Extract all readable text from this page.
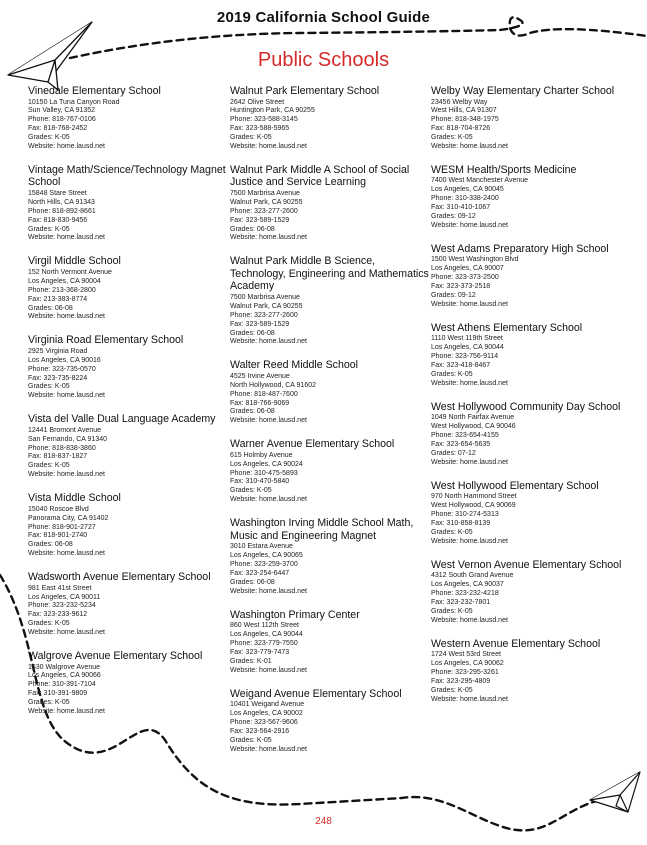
2019 California School Guide
Public Schools
Vinedale Elementary School
10150 La Tuna Canyon Road
Sun Valley, CA 91352
Phone: 818-767-0106
Fax: 818-768-2452
Grades: K-05
Website: home.lausd.net
Vintage Math/Science/Technology Magnet School
15848 Stare Street
North Hills, CA 91343
Phone: 818-892-8661
Fax: 818-830-9456
Grades: K-05
Website: home.lausd.net
Virgil Middle School
152 North Vermont Avenue
Los Angeles, CA 90004
Phone: 213-368-2800
Fax: 213-383-8774
Grades: 06-08
Website: home.lausd.net
Virginia Road Elementary School
2925 Virginia Road
Los Angeles, CA 90016
Phone: 323-735-0570
Fax: 323-735-8224
Grades: K-05
Website: home.lausd.net
Vista del Valle Dual Language Academy
12441 Bromont Avenue
San Fernando, CA 91340
Phone: 818-838-3860
Fax: 818-837-1827
Grades: K-05
Website: home.lausd.net
Vista Middle School
15040 Roscoe Blvd
Panorama City, CA 91402
Phone: 818-901-2727
Fax: 818-901-2740
Grades: 06-08
Website: home.lausd.net
Wadsworth Avenue Elementary School
981 East 41st Street
Los Angeles, CA 90011
Phone: 323-232-5234
Fax: 323-233-9612
Grades: K-05
Website: home.lausd.net
Walgrove Avenue Elementary School
1630 Walgrove Avenue
Los Angeles, CA 90066
Phone: 310-391-7104
Fax: 310-391-9809
Grades: K-05
Website: home.lausd.net
Walnut Park Elementary School
2642 Olive Street
Huntington Park, CA 90255
Phone: 323-588-3145
Fax: 323-588-5965
Grades: K-05
Website: home.lausd.net
Walnut Park Middle A School of Social Justice and Service Learning
7500 Marbrisa Avenue
Walnut Park, CA 90255
Phone: 323-277-2600
Fax: 323-589-1529
Grades: 06-08
Website: home.lausd.net
Walnut Park Middle B Science, Technology, Engineering and Mathematics Academy
7500 Marbrisa Avenue
Walnut Park, CA 90255
Phone: 323-277-2600
Fax: 323-589-1529
Grades: 06-08
Website: home.lausd.net
Walter Reed Middle School
4525 Irvine Avenue
North Hollywood, CA 91602
Phone: 818-487-7600
Fax: 818-766-9069
Grades: 06-08
Website: home.lausd.net
Warner Avenue Elementary School
615 Holmby Avenue
Los Angeles, CA 90024
Phone: 310-475-5893
Fax: 310-470-5840
Grades: K-05
Website: home.lausd.net
Washington Irving Middle School Math, Music and Engineering Magnet
3010 Estara Avenue
Los Angeles, CA 90065
Phone: 323-259-3700
Fax: 323-254-6447
Grades: 06-08
Website: home.lausd.net
Washington Primary Center
860 West 112th Street
Los Angeles, CA 90044
Phone: 323-779-7550
Fax: 323-779-7473
Grades: K-01
Website: home.lausd.net
Weigand Avenue Elementary School
10401 Weigand Avenue
Los Angeles, CA 90002
Phone: 323-567-9606
Fax: 323-564-2916
Grades: K-05
Website: home.lausd.net
Welby Way Elementary Charter School
23456 Welby Way
West Hills, CA 91307
Phone: 818-348-1975
Fax: 818-704-8726
Grades: K-05
Website: home.lausd.net
WESM Health/Sports Medicine
7400 West Manchester Avenue
Los Angeles, CA 90045
Phone: 310-338-2400
Fax: 310-410-1067
Grades: 09-12
Website: home.lausd.net
West Adams Preparatory High School
1500 West Washington Blvd
Los Angeles, CA 90007
Phone: 323-373-2500
Fax: 323-373-2518
Grades: 09-12
Website: home.lausd.net
West Athens Elementary School
1110 West 119th Street
Los Angeles, CA 90044
Phone: 323-756-9114
Fax: 323-418-8467
Grades: K-05
Website: home.lausd.net
West Hollywood Community Day School
1049 North Fairfax Avenue
West Hollywood, CA 90046
Phone: 323-654-4155
Fax: 323-654-5635
Grades: 07-12
Website: home.lausd.net
West Hollywood Elementary School
970 North Hammond Street
West Hollywood, CA 90069
Phone: 310-274-5313
Fax: 310-858-8139
Grades: K-05
Website: home.lausd.net
West Vernon Avenue Elementary School
4312 South Grand Avenue
Los Angeles, CA 90037
Phone: 323-232-4218
Fax: 323-232-7801
Grades: K-05
Website: home.lausd.net
Western Avenue Elementary School
1724 West 53rd Street
Los Angeles, CA 90062
Phone: 323-295-3261
Fax: 323-295-4809
Grades: K-05
Website: home.lausd.net
248
